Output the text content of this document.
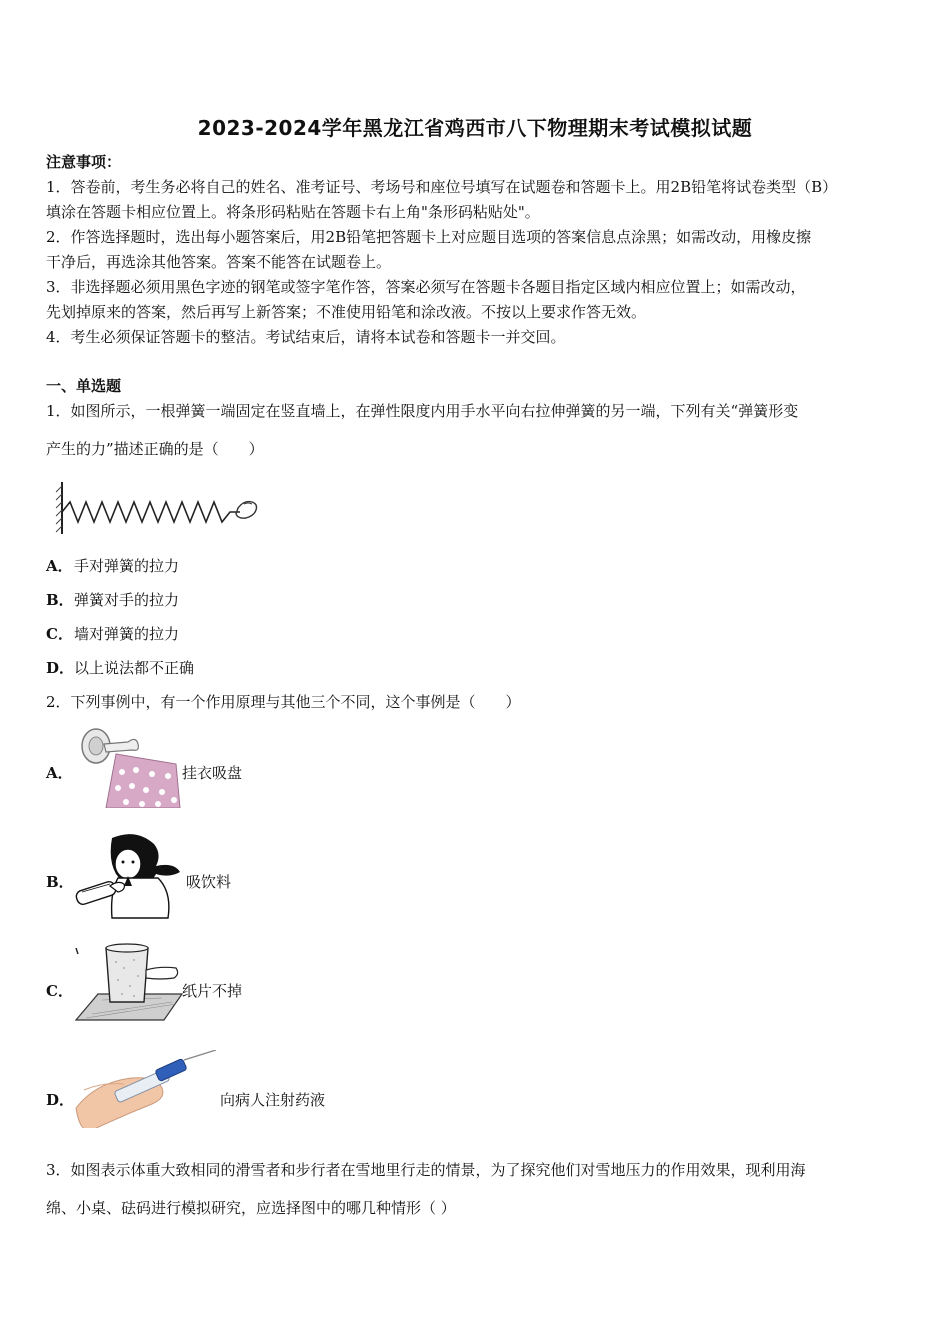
2023-2024学年黑龙江省鸡西市八下物理期末考试模拟试题
注意事项：
1．答卷前，考生务必将自己的姓名、准考证号、考场号和座位号填写在试题卷和答题卡上。用2B铅笔将试卷类型（B）
填涂在答题卡相应位置上。将条形码粘贴在答题卡右上角"条形码粘贴处"。
2．作答选择题时，选出每小题答案后，用2B铅笔把答题卡上对应题目选项的答案信息点涂黑；如需改动，用橡皮擦
干净后，再选涂其他答案。答案不能答在试题卷上。
3．非选择题必须用黑色字迹的钢笔或签字笔作答，答案必须写在答题卡各题目指定区域内相应位置上；如需改动，
先划掉原来的答案，然后再写上新答案；不准使用铅笔和涂改液。不按以上要求作答无效。
4．考生必须保证答题卡的整洁。考试结束后，请将本试卷和答题卡一并交回。
一、单选题
1．如图所示，一根弹簧一端固定在竖直墙上，在弹性限度内用手水平向右拉伸弹簧的另一端，下列有关“弹簧形变
产生的力”描述正确的是（　　）
A．手对弹簧的拉力
B．弹簧对手的拉力
C．墙对弹簧的拉力
D．以上说法都不正确
2．下列事例中，有一个作用原理与其他三个不同，这个事例是（　　）
A．	挂衣吸盘
B．	吸饮料
C．	纸片不掉
D．	向病人注射药液
3．如图表示体重大致相同的滑雪者和步行者在雪地里行走的情景，为了探究他们对雪地压力的作用效果，现利用海
绵、小桌、砝码进行模拟研究，应选择图中的哪几种情形（ ）
